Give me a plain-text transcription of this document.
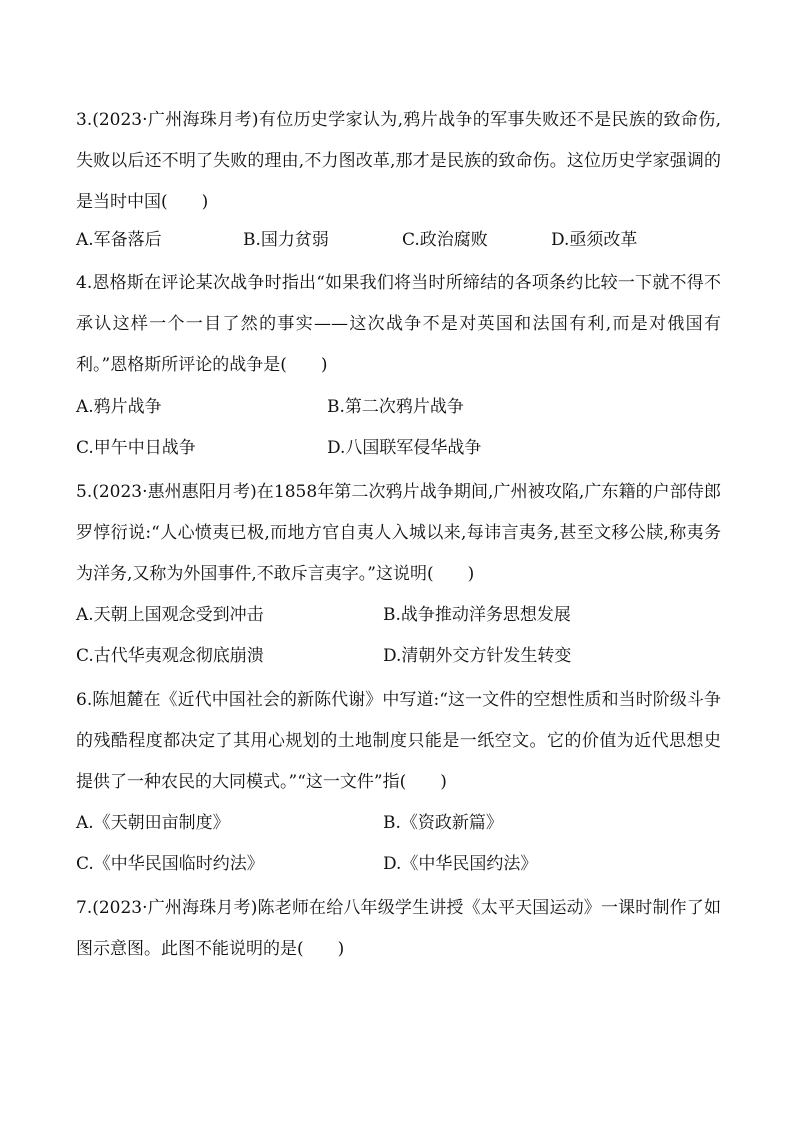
3.(2023·广州海珠月考)有位历史学家认为,鸦片战争的军事失败还不是民族的致命伤,失败以后还不明了失败的理由,不力图改革,那才是民族的致命伤。这位历史学家强调的是当时中国(　　)
A.军备落后	B.国力贫弱	C.政治腐败	D.亟须改革
4.恩格斯在评论某次战争时指出“如果我们将当时所缔结的各项条约比较一下就不得不承认这样一个一目了然的事实——这次战争不是对英国和法国有利,而是对俄国有利。”恩格斯所评论的战争是(　　)
A.鸦片战争	B.第二次鸦片战争
C.甲午中日战争	D.八国联军侵华战争
5.(2023·惠州惠阳月考)在1858年第二次鸦片战争期间,广州被攻陷,广东籍的户部侍郎罗惇衍说:“人心愤夷已极,而地方官自夷人入城以来,每讳言夷务,甚至文移公牍,称夷务为洋务,又称为外国事件,不敢斥言夷字。”这说明(　　)
A.天朝上国观念受到冲击	B.战争推动洋务思想发展
C.古代华夷观念彻底崩溃	D.清朝外交方针发生转变
6.陈旭麓在《近代中国社会的新陈代谢》中写道:“这一文件的空想性质和当时阶级斗争的残酷程度都决定了其用心规划的土地制度只能是一纸空文。它的价值为近代思想史提供了一种农民的大同模式。”“这一文件”指(　　)
A.《天朝田亩制度》	B.《资政新篇》
C.《中华民国临时约法》	D.《中华民国约法》
7.(2023·广州海珠月考)陈老师在给八年级学生讲授《太平天国运动》一课时制作了如图示意图。此图不能说明的是(　　)
